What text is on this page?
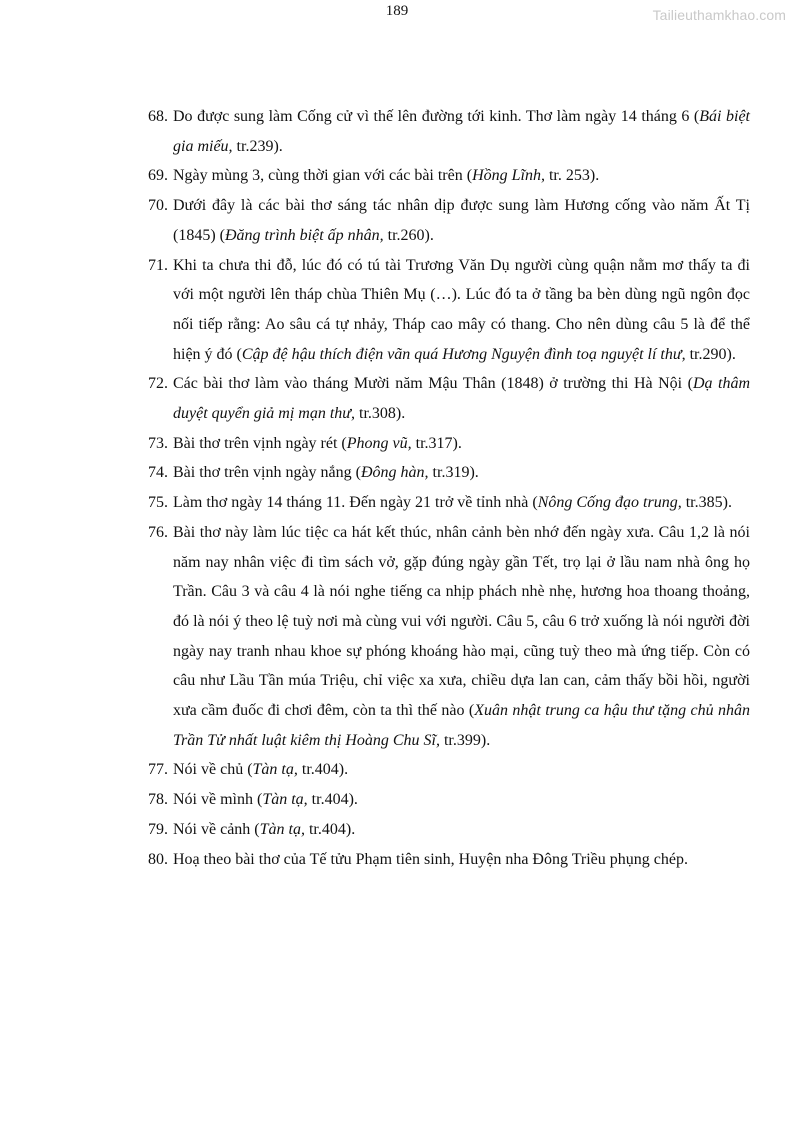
189	Tailieuthamkhao.com
68. Do được sung làm Cống cử vì thế lên đường tới kinh. Thơ làm ngày 14 tháng 6 (Bái biệt gia miếu, tr.239).
69. Ngày mùng 3, cùng thời gian với các bài trên (Hồng Lĩnh, tr. 253).
70. Dưới đây là các bài thơ sáng tác nhân dịp được sung làm Hương cống vào năm Ất Tị (1845) (Đăng trình biệt ấp nhân, tr.260).
71. Khi ta chưa thi đỗ, lúc đó có tú tài Trương Văn Dụ người cùng quận nằm mơ thấy ta đi với một người lên tháp chùa Thiên Mụ (…). Lúc đó ta ở tầng ba bèn dùng ngũ ngôn đọc nối tiếp rằng: Ao sâu cá tự nhảy, Tháp cao mây có thang. Cho nên dùng câu 5 là để thể hiện ý đó (Cập đệ hậu thích điện vãn quá Hương Nguyện đình toạ nguyệt lí thư, tr.290).
72. Các bài thơ làm vào tháng Mười năm Mậu Thân (1848) ở trường thi Hà Nội (Dạ thâm duyệt quyển giả mị mạn thư, tr.308).
73. Bài thơ trên vịnh ngày rét (Phong vũ, tr.317).
74. Bài thơ trên vịnh ngày nắng (Đông hàn, tr.319).
75. Làm thơ ngày 14 tháng 11. Đến ngày 21 trở về tỉnh nhà (Nông Cống đạo trung, tr.385).
76. Bài thơ này làm lúc tiệc ca hát kết thúc, nhân cảnh bèn nhớ đến ngày xưa. Câu 1,2 là nói năm nay nhân việc đi tìm sách vở, gặp đúng ngày gần Tết, trọ lại ở lầu nam nhà ông họ Trần. Câu 3 và câu 4 là nói nghe tiếng ca nhịp phách nhè nhẹ, hương hoa thoang thoảng, đó là nói ý theo lệ tuỳ nơi mà cùng vui với người. Câu 5, câu 6 trở xuống là nói người đời ngày nay tranh nhau khoe sự phóng khoáng hào mại, cũng tuỳ theo mà ứng tiếp. Còn có câu như Lầu Tần múa Triệu, chỉ việc xa xưa, chiều dựa lan can, cảm thấy bồi hồi, người xưa cầm đuốc đi chơi đêm, còn ta thì thế nào (Xuân nhật trung ca hậu thư tặng chủ nhân Trần Tử nhất luật kiêm thị Hoàng Chu Sĩ, tr.399).
77. Nói về chủ (Tàn tạ, tr.404).
78. Nói về mình (Tàn tạ, tr.404).
79. Nói về cảnh (Tàn tạ, tr.404).
80. Hoạ theo bài thơ của Tế tửu Phạm tiên sinh, Huyện nha Đông Triều phụng chép.
